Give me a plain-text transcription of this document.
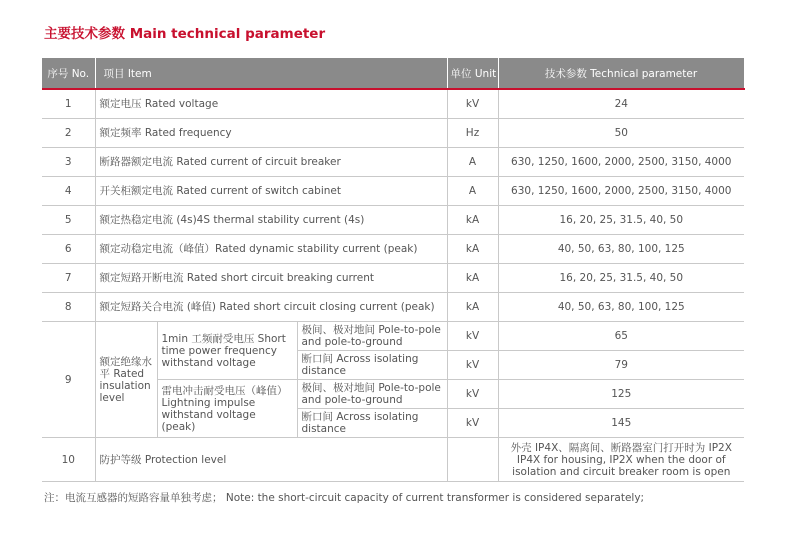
主要技术参数 Main technical parameter
序号 No.	项目 Item			单位 Unit	技术参数 Technical parameter
1	额定电压 Rated voltage			kV	24
2	额定频率 Rated frequency			Hz	50
3	断路器额定电流 Rated current of circuit breaker			A	630, 1250, 1600, 2000, 2500, 3150, 4000
4	开关柜额定电流 Rated current of switch cabinet			A	630, 1250, 1600, 2000, 2500, 3150, 4000
5	额定热稳定电流 (4s)4S thermal stability current (4s)			kA	16, 20, 25, 31.5, 40, 50
6	额定动稳定电流（峰值）Rated dynamic stability current (peak)			kA	40, 50, 63, 80, 100, 125
7	额定短路开断电流 Rated short circuit breaking current			kA	16, 20, 25, 31.5, 40, 50
8	额定短路关合电流 (峰值) Rated short circuit closing current (peak)			kA	40, 50, 63, 80, 100, 125
9	额定绝缘水平 Rated insulation level	1min 工频耐受电压 Short time power frequency withstand voltage	极间、极对地间 Pole-to-pole and pole-to-ground	kV	65
			断口间 Across isolating distance	kV	79
		雷电冲击耐受电压（峰值）Lightning impulse withstand voltage (peak)	极间、极对地间 Pole-to-pole and pole-to-ground	kV	125
			断口间 Across isolating distance	kV	145
10	防护等级 Protection level				外壳 IP4X、隔离间、断路器室门打开时为 IP2X IP4X for housing, IP2X when the door of isolation and circuit breaker room is open
注：电流互感器的短路容量单独考虑； Note: the short-circuit capacity of current transformer is considered separately;
